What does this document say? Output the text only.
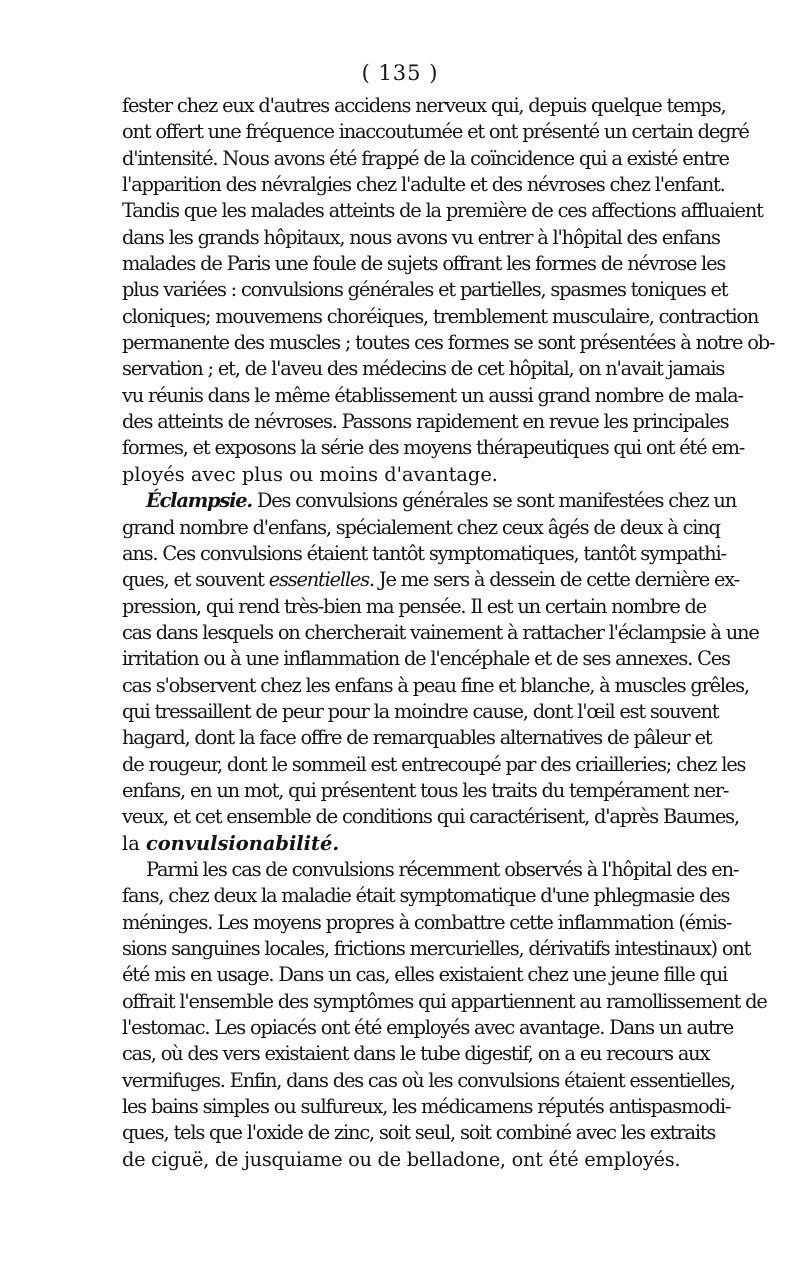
( 135 )
fester chez eux d'autres accidens nerveux qui, depuis quelque temps,
ont offert une fréquence inaccoutumée et ont présenté un certain degré
d'intensité. Nous avons été frappé de la coïncidence qui a existé entre
l'apparition des névralgies chez l'adulte et des névroses chez l'enfant.
Tandis que les malades atteints de la première de ces affections affluaient
dans les grands hôpitaux, nous avons vu entrer à l'hôpital des enfans
malades de Paris une foule de sujets offrant les formes de névrose les
plus variées : convulsions générales et partielles, spasmes toniques et
cloniques; mouvemens choréiques, tremblement musculaire, contraction
permanente des muscles ; toutes ces formes se sont présentées à notre ob-
servation ; et, de l'aveu des médecins de cet hôpital, on n'avait jamais
vu réunis dans le même établissement un aussi grand nombre de mala-
des atteints de névroses. Passons rapidement en revue les principales
formes, et exposons la série des moyens thérapeutiques qui ont été em-
ployés avec plus ou moins d'avantage.
Éclampsie. Des convulsions générales se sont manifestées chez un
grand nombre d'enfans, spécialement chez ceux âgés de deux à cinq
ans. Ces convulsions étaient tantôt symptomatiques, tantôt sympathi-
ques, et souvent essentielles. Je me sers à dessein de cette dernière ex-
pression, qui rend très-bien ma pensée. Il est un certain nombre de
cas dans lesquels on chercherait vainement à rattacher l'éclampsie à une
irritation ou à une inflammation de l'encéphale et de ses annexes. Ces
cas s'observent chez les enfans à peau fine et blanche, à muscles grêles,
qui tressaillent de peur pour la moindre cause, dont l'œil est souvent
hagard, dont la face offre de remarquables alternatives de pâleur et
de rougeur, dont le sommeil est entrecoupé par des criailleries; chez les
enfans, en un mot, qui présentent tous les traits du tempérament ner-
veux, et cet ensemble de conditions qui caractérisent, d'après Baumes,
la convulsionabilité.
Parmi les cas de convulsions récemment observés à l'hôpital des en-
fans, chez deux la maladie était symptomatique d'une phlegmasie des
méninges. Les moyens propres à combattre cette inflammation (émis-
sions sanguines locales, frictions mercurielles, dérivatifs intestinaux) ont
été mis en usage. Dans un cas, elles existaient chez une jeune fille qui
offrait l'ensemble des symptômes qui appartiennent au ramollissement de
l'estomac. Les opiacés ont été employés avec avantage. Dans un autre
cas, où des vers existaient dans le tube digestif, on a eu recours aux
vermifuges. Enfin, dans des cas où les convulsions étaient essentielles,
les bains simples ou sulfureux, les médicamens réputés antispasmodi-
ques, tels que l'oxide de zinc, soit seul, soit combiné avec les extraits
de ciguë, de jusquiame ou de belladone, ont été employés.
